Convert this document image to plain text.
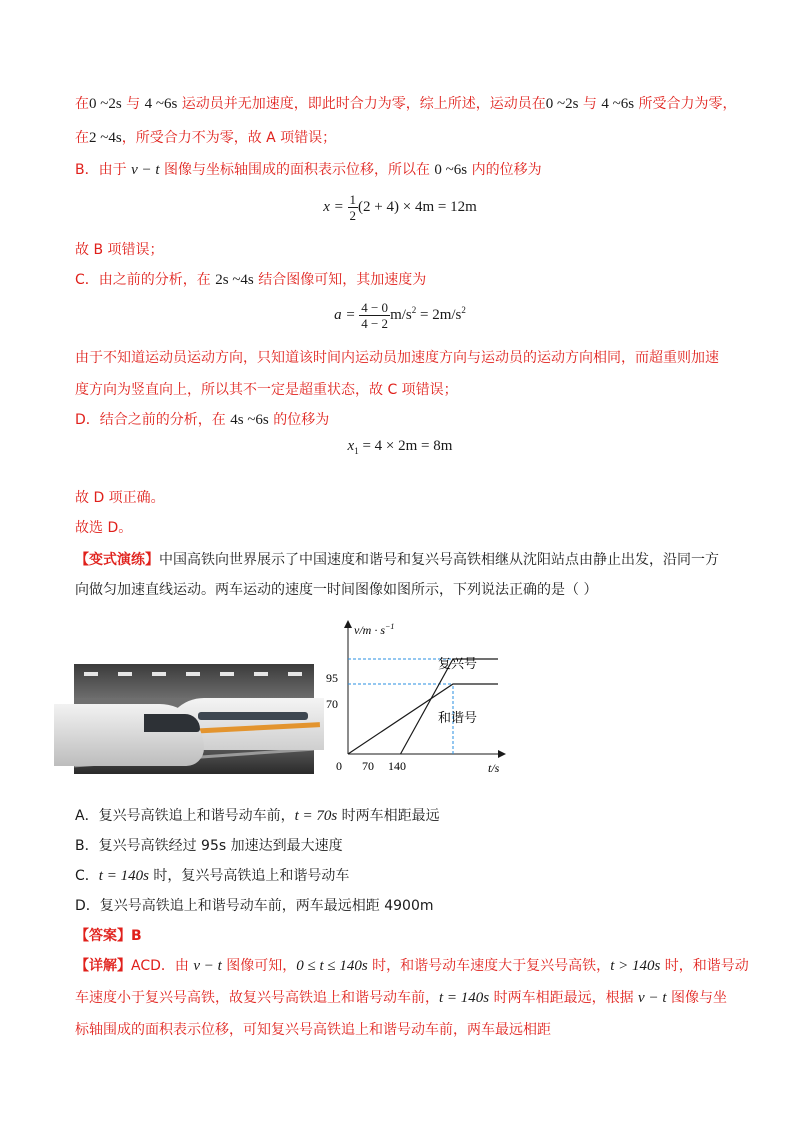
在0 ~2s 与 4 ~6s 运动员并无加速度，即此时合力为零，综上所述，运动员在0 ~2s 与 4 ~6s 所受合力为零，
在2 ~4s，所受合力不为零，故 A 项错误；
B．由于 v − t 图像与坐标轴围成的面积表示位移，所以在 0 ~6s 内的位移为
$x = \frac{1}{2} (2 + 4) \times 4m = 12m$
故 B 项错误；
C．由之前的分析，在 2s ~4s 结合图像可知，其加速度为
$a = \frac{4 - 0}{4 - 2} m/s^2 = 2m/s^2$
由于不知道运动员运动方向，只知道该时间内运动员加速度方向与运动员的运动方向相同，而超重则加速
度方向为竖直向上，所以其不一定是超重状态，故 C 项错误；
D．结合之前的分析，在 4s ~6s 的位移为
$x_1 = 4 \times 2m = 8m$
故 D 项正确。
故选 D。
【变式演练】中国高铁向世界展示了中国速度和谐号和复兴号高铁相继从沈阳站点由静止出发，沿同一方
向做匀加速直线运动。两车运动的速度一时间图像如图所示，下列说法正确的是（ ）
$v/m \cdot s^{-1}$
t/s
0
95
70
70 140
复兴号
和谐号
A．复兴号高铁追上和谐号动车前，t = 70s 时两车相距最远
B．复兴号高铁经过 95s 加速达到最大速度
C．t = 140s 时，复兴号高铁追上和谐号动车
D．复兴号高铁追上和谐号动车前，两车最远相距 4900m
【答案】B
【详解】ACD．由 v − t 图像可知，0 ≤ t ≤ 140s 时，和谐号动车速度大于复兴号高铁，t > 140s 时，和谐号动
车速度小于复兴号高铁，故复兴号高铁追上和谐号动车前，t = 140s 时两车相距最远，根据 v − t 图像与坐
标轴围成的面积表示位移，可知复兴号高铁追上和谐号动车前，两车最远相距
